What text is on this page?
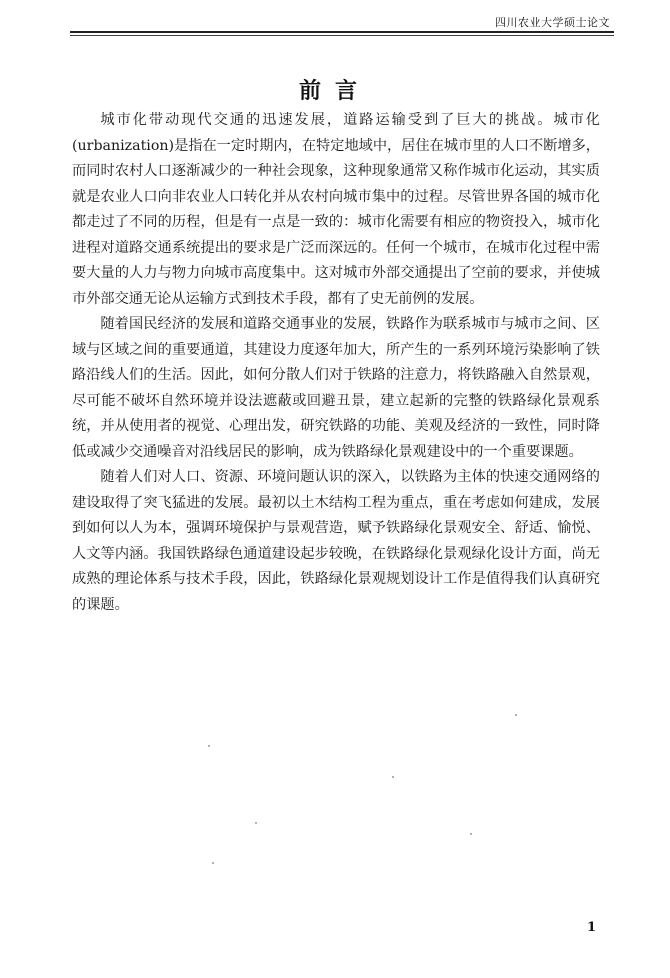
四川农业大学硕士论文
前言

城市化带动现代交通的迅速发展，道路运输受到了巨大的挑战。城市化(urbanization)是指在一定时期内，在特定地域中，居住在城市里的人口不断增多，而同时农村人口逐渐减少的一种社会现象，这种现象通常又称作城市化运动，其实质就是农业人口向非农业人口转化并从农村向城市集中的过程。尽管世界各国的城市化都走过了不同的历程，但是有一点是一致的：城市化需要有相应的物资投入，城市化进程对道路交通系统提出的要求是广泛而深远的。任何一个城市，在城市化过程中需要大量的人力与物力向城市高度集中。这对城市外部交通提出了空前的要求，并使城市外部交通无论从运输方式到技术手段，都有了史无前例的发展。

随着国民经济的发展和道路交通事业的发展，铁路作为联系城市与城市之间、区域与区域之间的重要通道，其建设力度逐年加大，所产生的一系列环境污染影响了铁路沿线人们的生活。因此，如何分散人们对于铁路的注意力，将铁路融入自然景观，尽可能不破坏自然环境并设法遮蔽或回避丑景，建立起新的完整的铁路绿化景观系统，并从使用者的视觉、心理出发，研究铁路的功能、美观及经济的一致性，同时降低或减少交通噪音对沿线居民的影响，成为铁路绿化景观建设中的一个重要课题。

随着人们对人口、资源、环境问题认识的深入，以铁路为主体的快速交通网络的建设取得了突飞猛进的发展。最初以土木结构工程为重点，重在考虑如何建成，发展到如何以人为本，强调环境保护与景观营造，赋予铁路绿化景观安全、舒适、愉悦、人文等内涵。我国铁路绿色通道建设起步较晚，在铁路绿化景观绿化设计方面，尚无成熟的理论体系与技术手段，因此，铁路绿化景观规划设计工作是值得我们认真研究的课题。

1
